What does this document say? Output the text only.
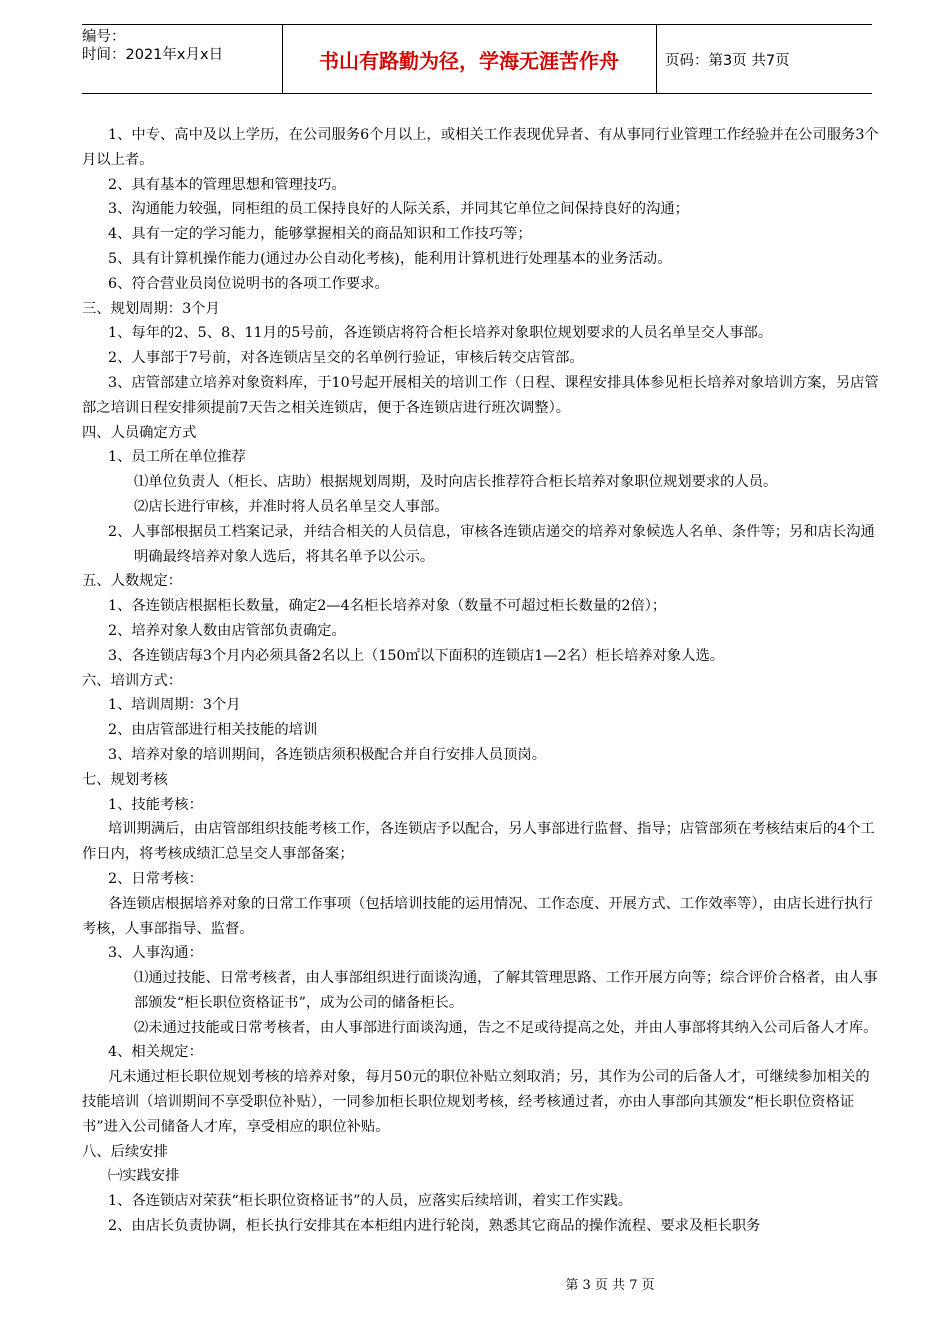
编号：
时间：2021年x月x日	书山有路勤为径，学海无涯苦作舟	页码：第3页 共7页
1、中专、高中及以上学历，在公司服务6个月以上，或相关工作表现优异者、有从事同行业管理工作经验并在公司服务3个月以上者。
2、具有基本的管理思想和管理技巧。
3、沟通能力较强，同柜组的员工保持良好的人际关系，并同其它单位之间保持良好的沟通；
4、具有一定的学习能力，能够掌握相关的商品知识和工作技巧等；
5、具有计算机操作能力(通过办公自动化考核)，能利用计算机进行处理基本的业务活动。
6、符合营业员岗位说明书的各项工作要求。
三、规划周期：3个月
1、每年的2、5、8、11月的5号前，各连锁店将符合柜长培养对象职位规划要求的人员名单呈交人事部。
2、人事部于7号前，对各连锁店呈交的名单例行验证，审核后转交店管部。
3、店管部建立培养对象资料库，于10号起开展相关的培训工作（日程、课程安排具体参见柜长培养对象培训方案，另店管部之培训日程安排须提前7天告之相关连锁店，便于各连锁店进行班次调整）。
四、人员确定方式
1、员工所在单位推荐
⑴单位负责人（柜长、店助）根据规划周期，及时向店长推荐符合柜长培养对象职位规划要求的人员。
⑵店长进行审核，并准时将人员名单呈交人事部。
2、人事部根据员工档案记录，并结合相关的人员信息，审核各连锁店递交的培养对象候选人名单、条件等；另和店长沟通明确最终培养对象人选后，将其名单予以公示。
五、人数规定：
1、各连锁店根据柜长数量，确定2—4名柜长培养对象（数量不可超过柜长数量的2倍）；
2、培养对象人数由店管部负责确定。
3、各连锁店每3个月内必须具备2名以上（150㎡以下面积的连锁店1—2名）柜长培养对象人选。
六、培训方式：
1、培训周期：3个月
2、由店管部进行相关技能的培训
3、培养对象的培训期间，各连锁店须积极配合并自行安排人员顶岗。
七、规划考核
1、技能考核：
培训期满后，由店管部组织技能考核工作，各连锁店予以配合，另人事部进行监督、指导；店管部须在考核结束后的4个工作日内，将考核成绩汇总呈交人事部备案；
2、日常考核：
各连锁店根据培养对象的日常工作事项（包括培训技能的运用情况、工作态度、开展方式、工作效率等），由店长进行执行考核，人事部指导、监督。
3、人事沟通：
⑴通过技能、日常考核者，由人事部组织进行面谈沟通，了解其管理思路、工作开展方向等；综合评价合格者，由人事部颁发“柜长职位资格证书”，成为公司的储备柜长。
⑵未通过技能或日常考核者，由人事部进行面谈沟通，告之不足或待提高之处，并由人事部将其纳入公司后备人才库。
4、相关规定：
凡未通过柜长职位规划考核的培养对象，每月50元的职位补贴立刻取消；另，其作为公司的后备人才，可继续参加相关的技能培训（培训期间不享受职位补贴），一同参加柜长职位规划考核，经考核通过者，亦由人事部向其颁发“柜长职位资格证书”进入公司储备人才库，享受相应的职位补贴。
八、后续安排
㈠实践安排
1、各连锁店对荣获“柜长职位资格证书”的人员，应落实后续培训，着实工作实践。
2、由店长负责协调，柜长执行安排其在本柜组内进行轮岗，熟悉其它商品的操作流程、要求及柜长职务
第 3 页 共 7 页
